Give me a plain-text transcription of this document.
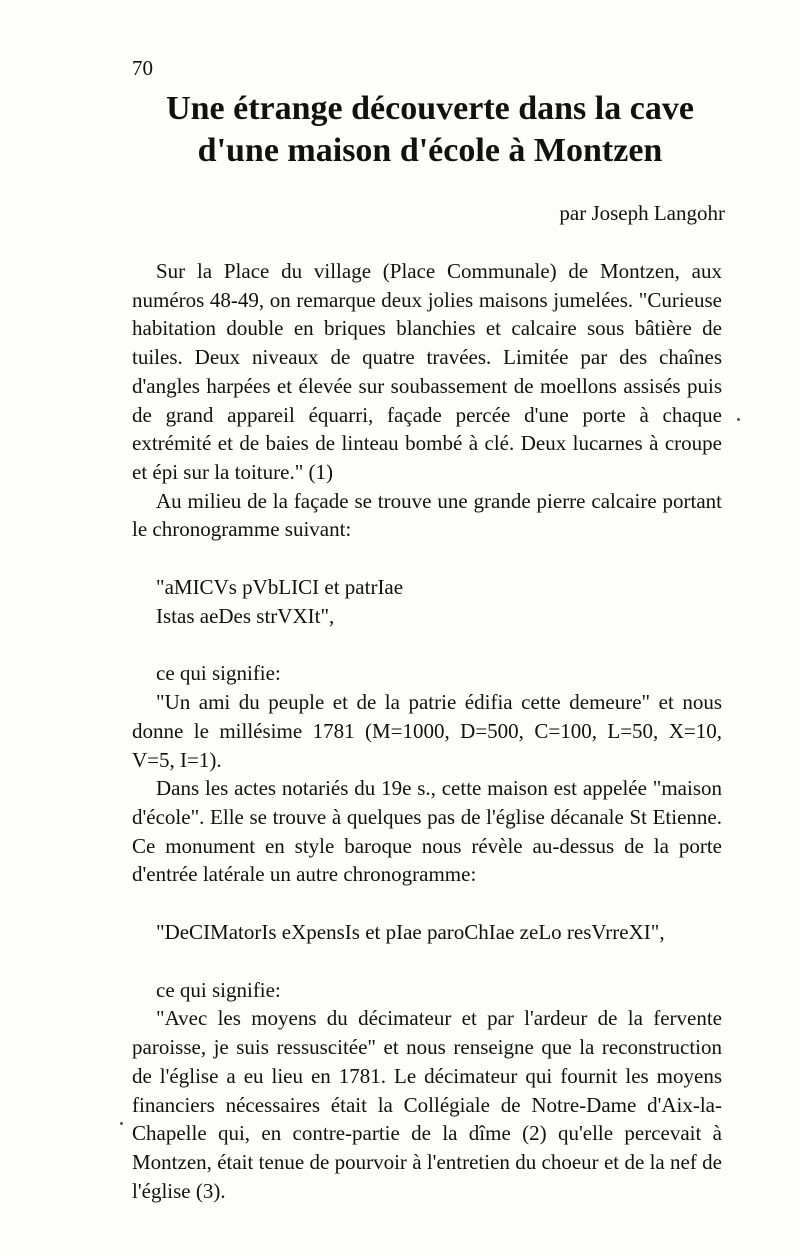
70
Une étrange découverte dans la cave d'une maison d'école à Montzen
par Joseph Langohr

Sur la Place du village (Place Communale) de Montzen, aux numéros 48-49, on remarque deux jolies maisons jumelées. "Curieuse habitation double en briques blanchies et calcaire sous bâtière de tuiles. Deux niveaux de quatre travées. Limitée par des chaînes d'angles harpées et élevée sur soubassement de moellons assisés puis de grand appareil équarri, façade percée d'une porte à chaque extrémité et de baies de linteau bombé à clé. Deux lucarnes à croupe et épi sur la toiture." (1)

Au milieu de la façade se trouve une grande pierre calcaire portant le chronogramme suivant:

"aMICVs pVbLICI et patrIae

Istas aeDes strVXIt",

ce qui signifie:

"Un ami du peuple et de la patrie édifia cette demeure" et nous donne le millésime 1781 (M=1000, D=500, C=100, L=50, X=10, V=5, I=1).

Dans les actes notariés du 19e s., cette maison est appelée "maison d'école". Elle se trouve à quelques pas de l'église décanale St Etienne. Ce monument en style baroque nous révèle au-dessus de la porte d'entrée latérale un autre chronogramme:

"DeCIMatorIs eXpensIs et pIae paroChIae zeLo resVrreXI",

ce qui signifie:

"Avec les moyens du décimateur et par l'ardeur de la fervente paroisse, je suis ressuscitée" et nous renseigne que la reconstruction de l'église a eu lieu en 1781. Le décimateur qui fournit les moyens financiers nécessaires était la Collégiale de Notre-Dame d'Aix-la-Chapelle qui, en contre-partie de la dîme (2) qu'elle percevait à Montzen, était tenue de pourvoir à l'entretien du choeur et de la nef de l'église (3).
